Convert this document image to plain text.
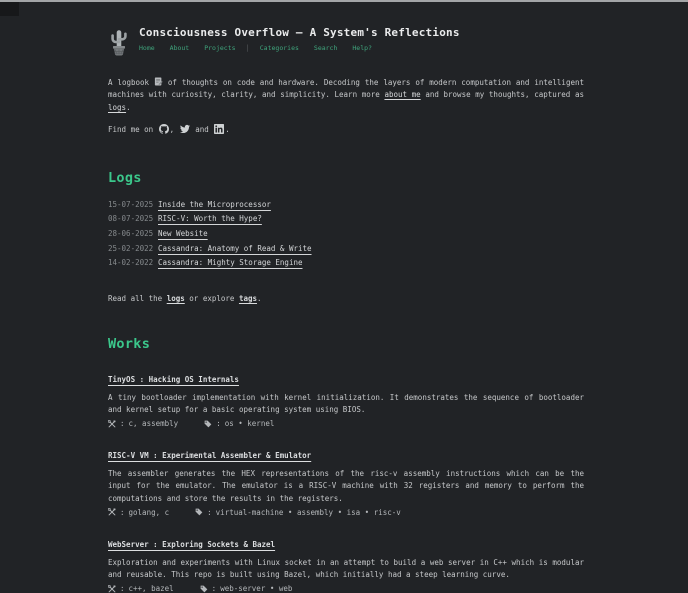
Consciousness Overflow — A System's Reflections
Home About Projects | Categories Search Help?

A logbook  of thoughts on code and hardware. Decoding the layers of modern computation and intelligent machines with curiosity, clarity, and simplicity. Learn more about me and browse my thoughts, captured as logs.

Find me on ,  and .

Logs
15-07-2025 Inside the Microprocessor
08-07-2025 RISC-V: Worth the Hype?
28-06-2025 New Website
25-02-2022 Cassandra: Anatomy of Read & Write
14-02-2022 Cassandra: Mighty Storage Engine

Read all the logs or explore tags.

Works
TinyOS : Hacking OS Internals

A tiny bootloader implementation with kernel initialization. It demonstrates the sequence of bootloader and kernel setup for a basic operating system using BIOS.

: c, assembly	: os • kernel
RISC-V VM : Experimental Assembler & Emulator

The assembler generates the HEX representations of the risc-v assembly instructions which can be the input for the emulator. The emulator is a RISC-V machine with 32 registers and memory to perform the computations and store the results in the registers.

: golang, c	: virtual-machine • assembly • isa • risc-v
WebServer : Exploring Sockets & Bazel

Exploration and experiments with Linux socket in an attempt to build a web server in C++ which is modular and reusable. This repo is built using Bazel, which initially had a steep learning curve.

: c++, bazel	: web-server • web
